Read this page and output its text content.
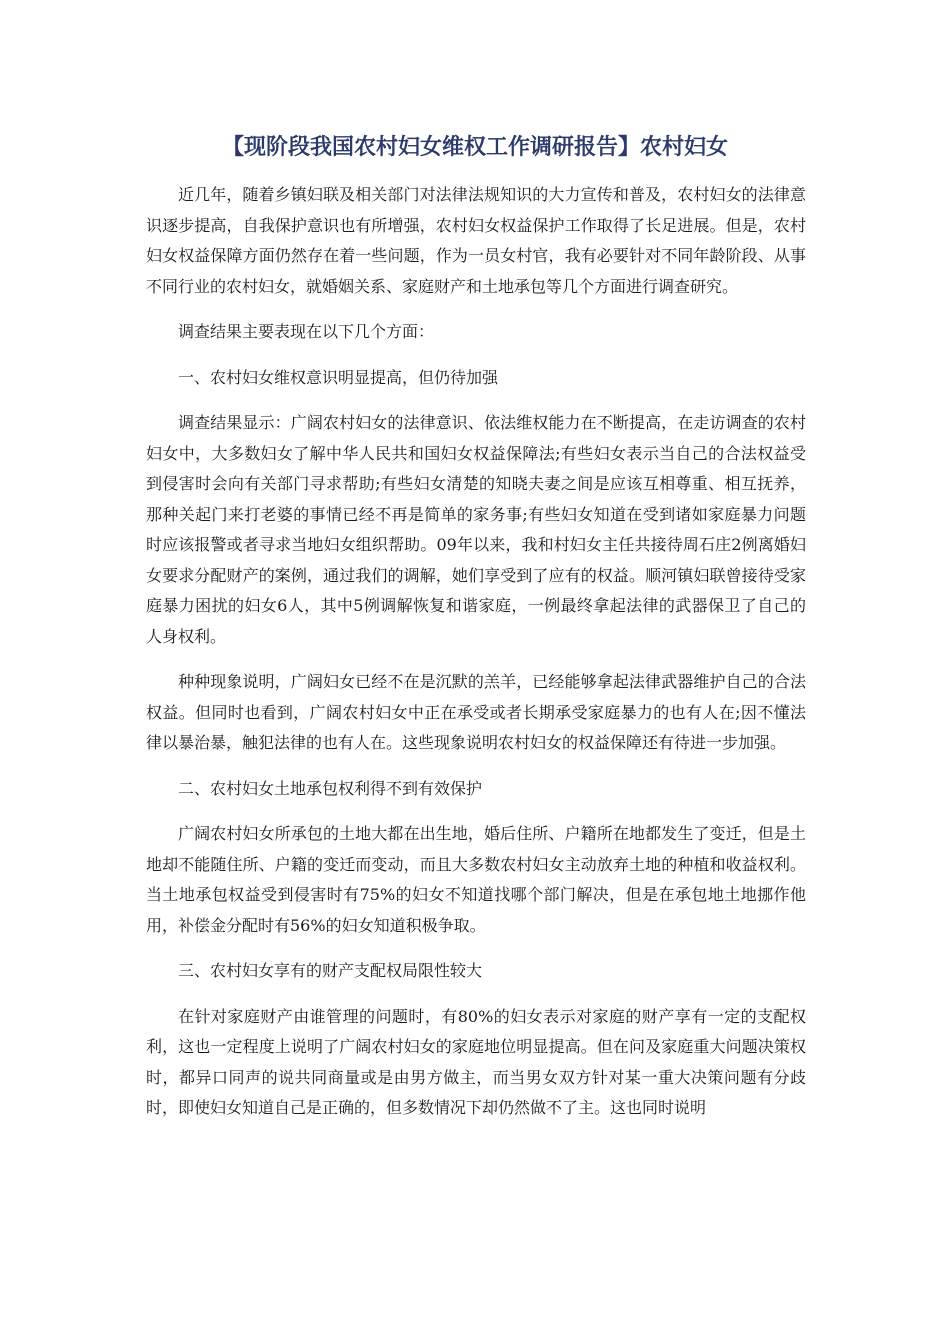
【现阶段我国农村妇女维权工作调研报告】农村妇女

近几年，随着乡镇妇联及相关部门对法律法规知识的大力宣传和普及，农村妇女的法律意识逐步提高，自我保护意识也有所增强，农村妇女权益保护工作取得了长足进展。但是，农村妇女权益保障方面仍然存在着一些问题，作为一员女村官，我有必要针对不同年龄阶段、从事不同行业的农村妇女，就婚姻关系、家庭财产和土地承包等几个方面进行调查研究。

调查结果主要表现在以下几个方面：

一、农村妇女维权意识明显提高，但仍待加强

调查结果显示：广阔农村妇女的法律意识、依法维权能力在不断提高，在走访调查的农村妇女中，大多数妇女了解中华人民共和国妇女权益保障法;有些妇女表示当自己的合法权益受到侵害时会向有关部门寻求帮助;有些妇女清楚的知晓夫妻之间是应该互相尊重、相互抚养，那种关起门来打老婆的事情已经不再是简单的家务事;有些妇女知道在受到诸如家庭暴力问题时应该报警或者寻求当地妇女组织帮助。09年以来，我和村妇女主任共接待周石庄2例离婚妇女要求分配财产的案例，通过我们的调解，她们享受到了应有的权益。顺河镇妇联曾接待受家庭暴力困扰的妇女6人，其中5例调解恢复和谐家庭，一例最终拿起法律的武器保卫了自己的人身权利。

种种现象说明，广阔妇女已经不在是沉默的羔羊，已经能够拿起法律武器维护自己的合法权益。但同时也看到，广阔农村妇女中正在承受或者长期承受家庭暴力的也有人在;因不懂法律以暴治暴，触犯法律的也有人在。这些现象说明农村妇女的权益保障还有待进一步加强。

二、农村妇女土地承包权利得不到有效保护

广阔农村妇女所承包的土地大都在出生地，婚后住所、户籍所在地都发生了变迁，但是土地却不能随住所、户籍的变迁而变动，而且大多数农村妇女主动放弃土地的种植和收益权利。当土地承包权益受到侵害时有75%的妇女不知道找哪个部门解决，但是在承包地土地挪作他用，补偿金分配时有56%的妇女知道积极争取。

三、农村妇女享有的财产支配权局限性较大

在针对家庭财产由谁管理的问题时，有80%的妇女表示对家庭的财产享有一定的支配权利，这也一定程度上说明了广阔农村妇女的家庭地位明显提高。但在问及家庭重大问题决策权时，都异口同声的说共同商量或是由男方做主，而当男女双方针对某一重大决策问题有分歧时，即使妇女知道自己是正确的，但多数情况下却仍然做不了主。这也同时说明
